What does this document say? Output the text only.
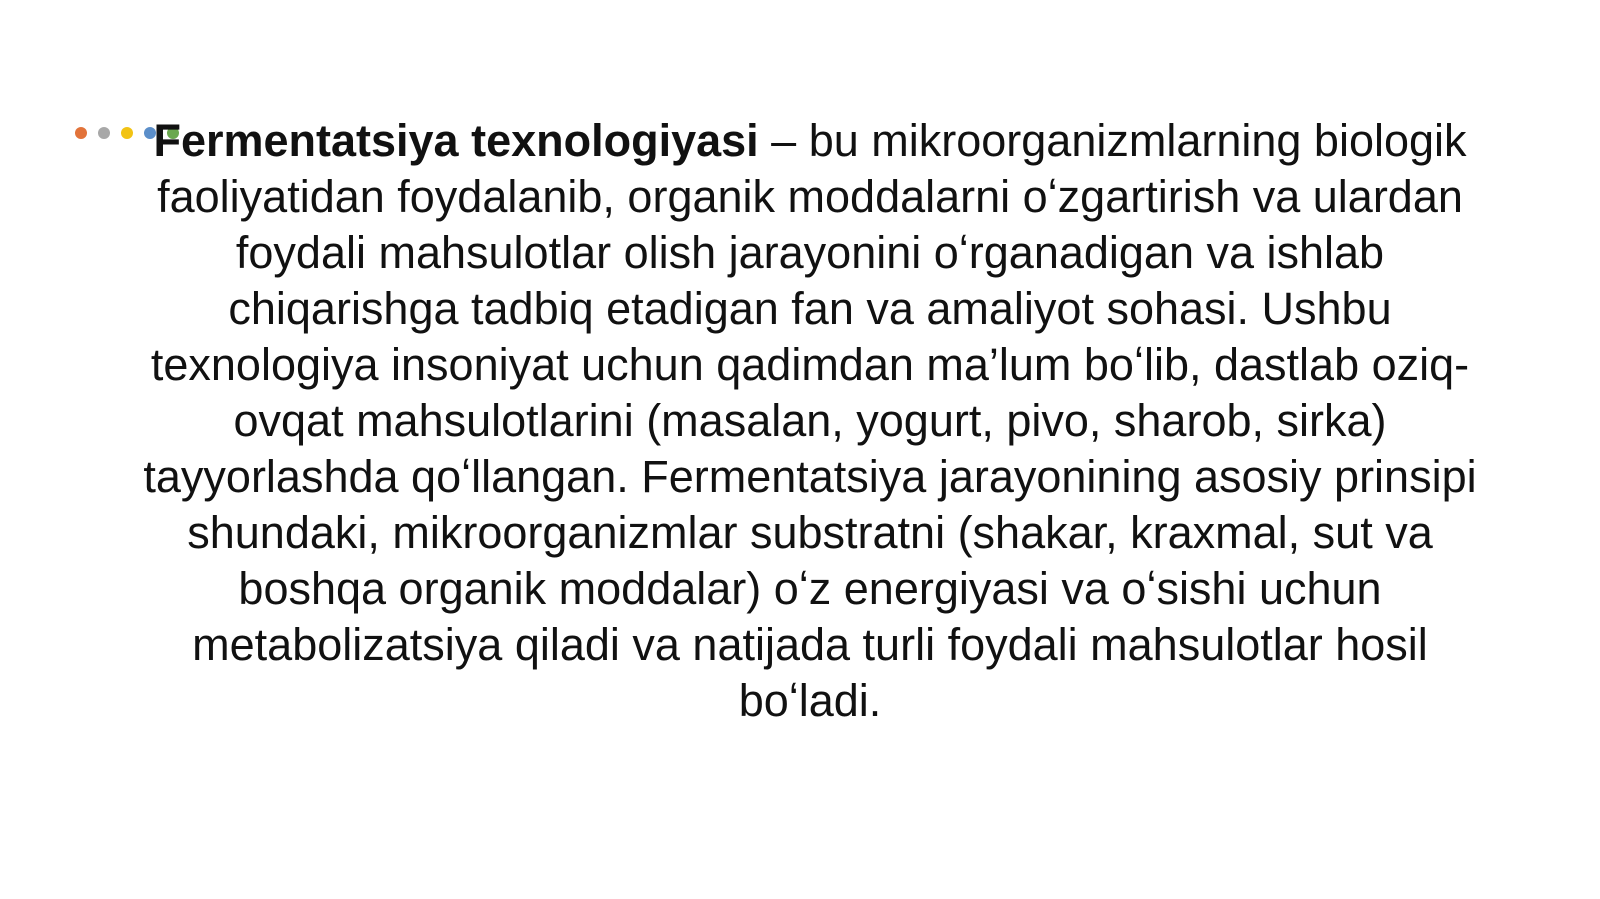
Fermentatsiya texnologiyasi – bu mikroorganizmlarning biologik faoliyatidan foydalanib, organik moddalarni oʻzgartirish va ulardan foydali mahsulotlar olish jarayonini oʻrganadigan va ishlab chiqarishga tadbiq etadigan fan va amaliyot sohasi. Ushbu texnologiya insoniyat uchun qadimdan ma’lum boʻlib, dastlab oziq-ovqat mahsulotlarini (masalan, yogurt, pivo, sharob, sirka) tayyorlashda qoʻllangan. Fermentatsiya jarayonining asosiy prinsipi shundaki, mikroorganizmlar substratni (shakar, kraxmal, sut va boshqa organik moddalar) oʻz energiyasi va oʻsishi uchun metabolizatsiya qiladi va natijada turli foydali mahsulotlar hosil boʻladi.
